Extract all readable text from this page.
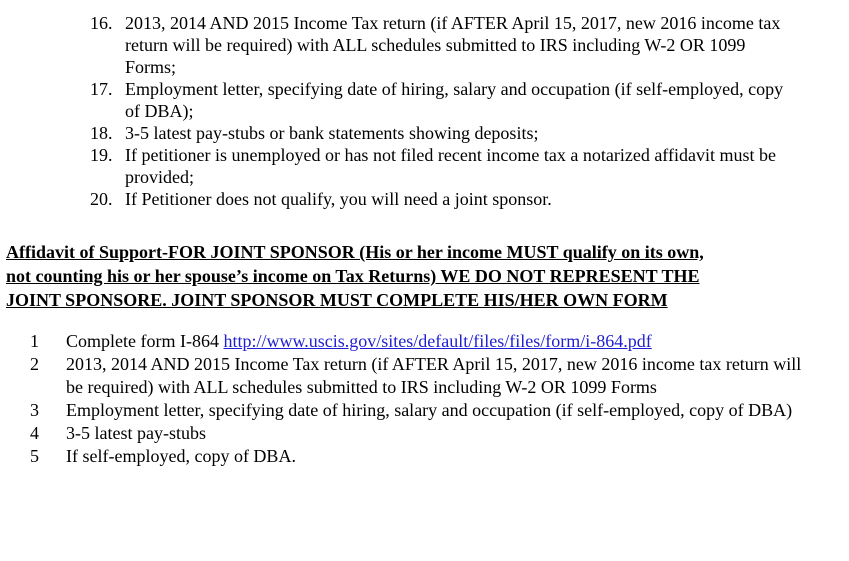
16. 2013, 2014 AND 2015 Income Tax return (if AFTER April 15, 2017, new 2016 income tax return will be required) with ALL schedules submitted to IRS including W-2 OR 1099 Forms;
17. Employment letter, specifying date of hiring, salary and occupation (if self-employed, copy of DBA);
18. 3-5 latest pay-stubs or bank statements showing deposits;
19. If petitioner is unemployed or has not filed recent income tax a notarized affidavit must be provided;
20. If Petitioner does not qualify, you will need a joint sponsor.
Affidavit of Support-FOR JOINT SPONSOR (His or her income MUST qualify on its own,
not counting his or her spouse’s income on Tax Returns) WE DO NOT REPRESENT THE
JOINT SPONSORE. JOINT SPONSOR MUST COMPLETE HIS/HER OWN FORM
1 Complete form I-864 http://www.uscis.gov/sites/default/files/files/form/i-864.pdf
2 2013, 2014 AND 2015 Income Tax return (if AFTER April 15, 2017, new 2016 income tax return will be required) with ALL schedules submitted to IRS including W-2 OR 1099 Forms
3 Employment letter, specifying date of hiring, salary and occupation (if self-employed, copy of DBA)
4 3-5 latest pay-stubs
5 If self-employed, copy of DBA.
